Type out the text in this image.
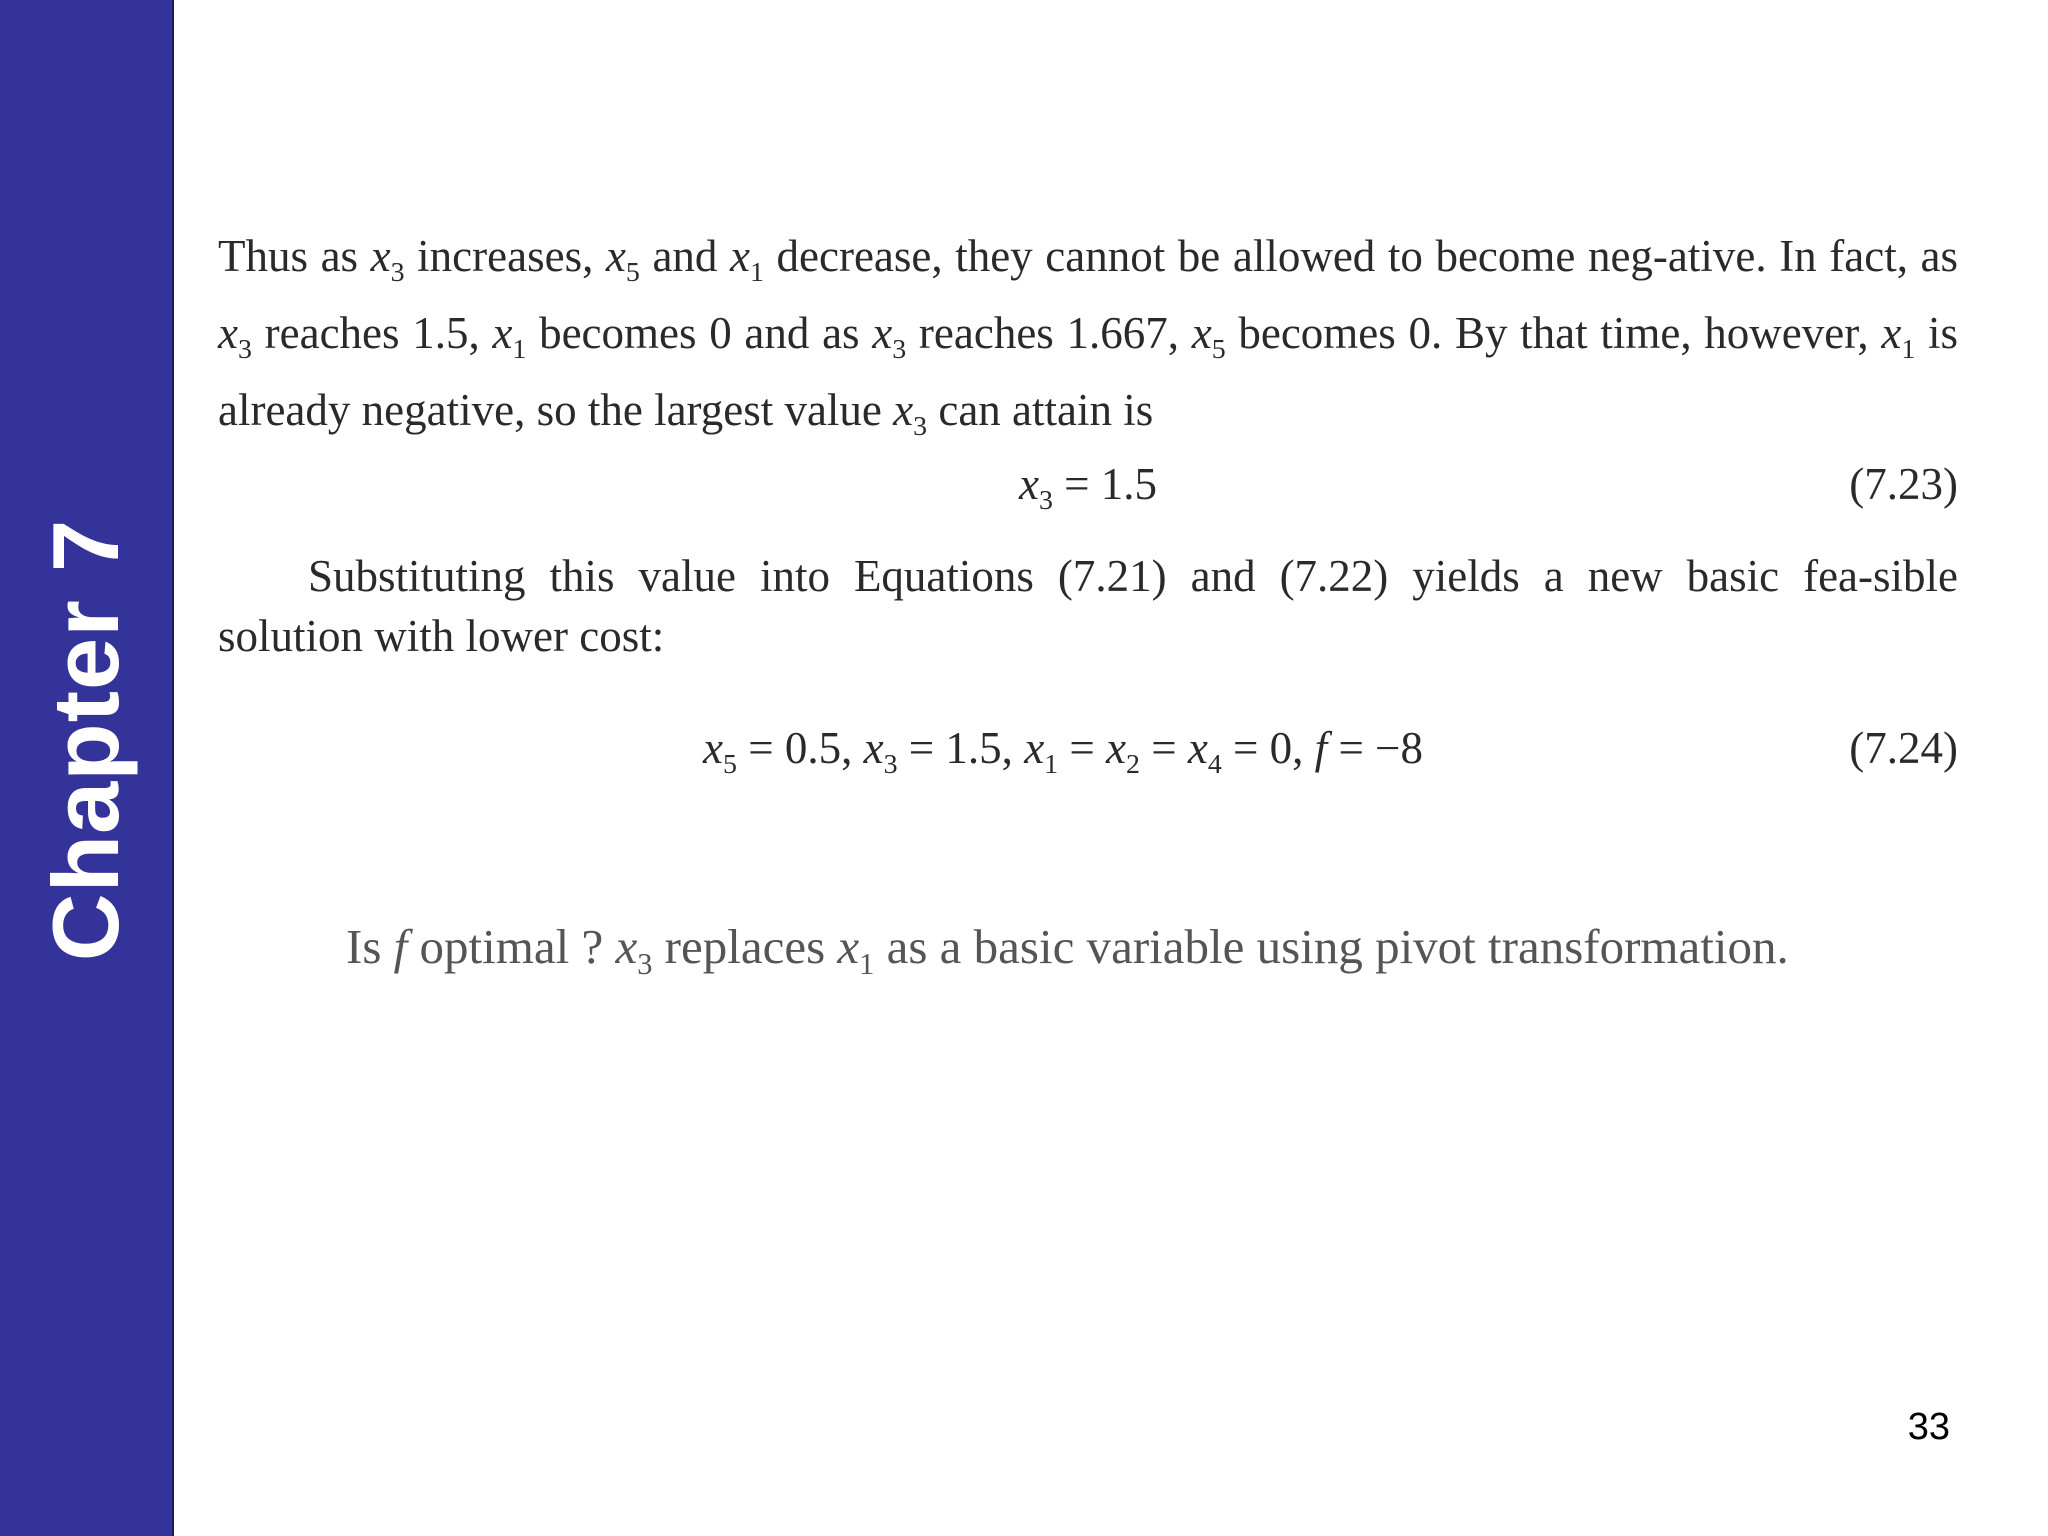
Chapter 7

Thus as $x_3$ increases, $x_5$ and $x_1$ decrease, they cannot be allowed to become neg-ative. In fact, as $x_3$ reaches 1.5, $x_1$ becomes 0 and as $x_3$ reaches 1.667, $x_5$ becomes 0. By that time, however, $x_1$ is already negative, so the largest value $x_3$ can attain is

$x_3 = 1.5$	(7.23)

Substituting this value into Equations (7.21) and (7.22) yields a new basic fea-sible solution with lower cost:

$x_5 = 0.5$, $x_3 = 1.5$, $x_1 = x_2 = x_4 = 0$, f = −8	(7.24)
Is f optimal ? $x_3$ replaces $x_1$ as a basic variable using pivot transformation.
33
